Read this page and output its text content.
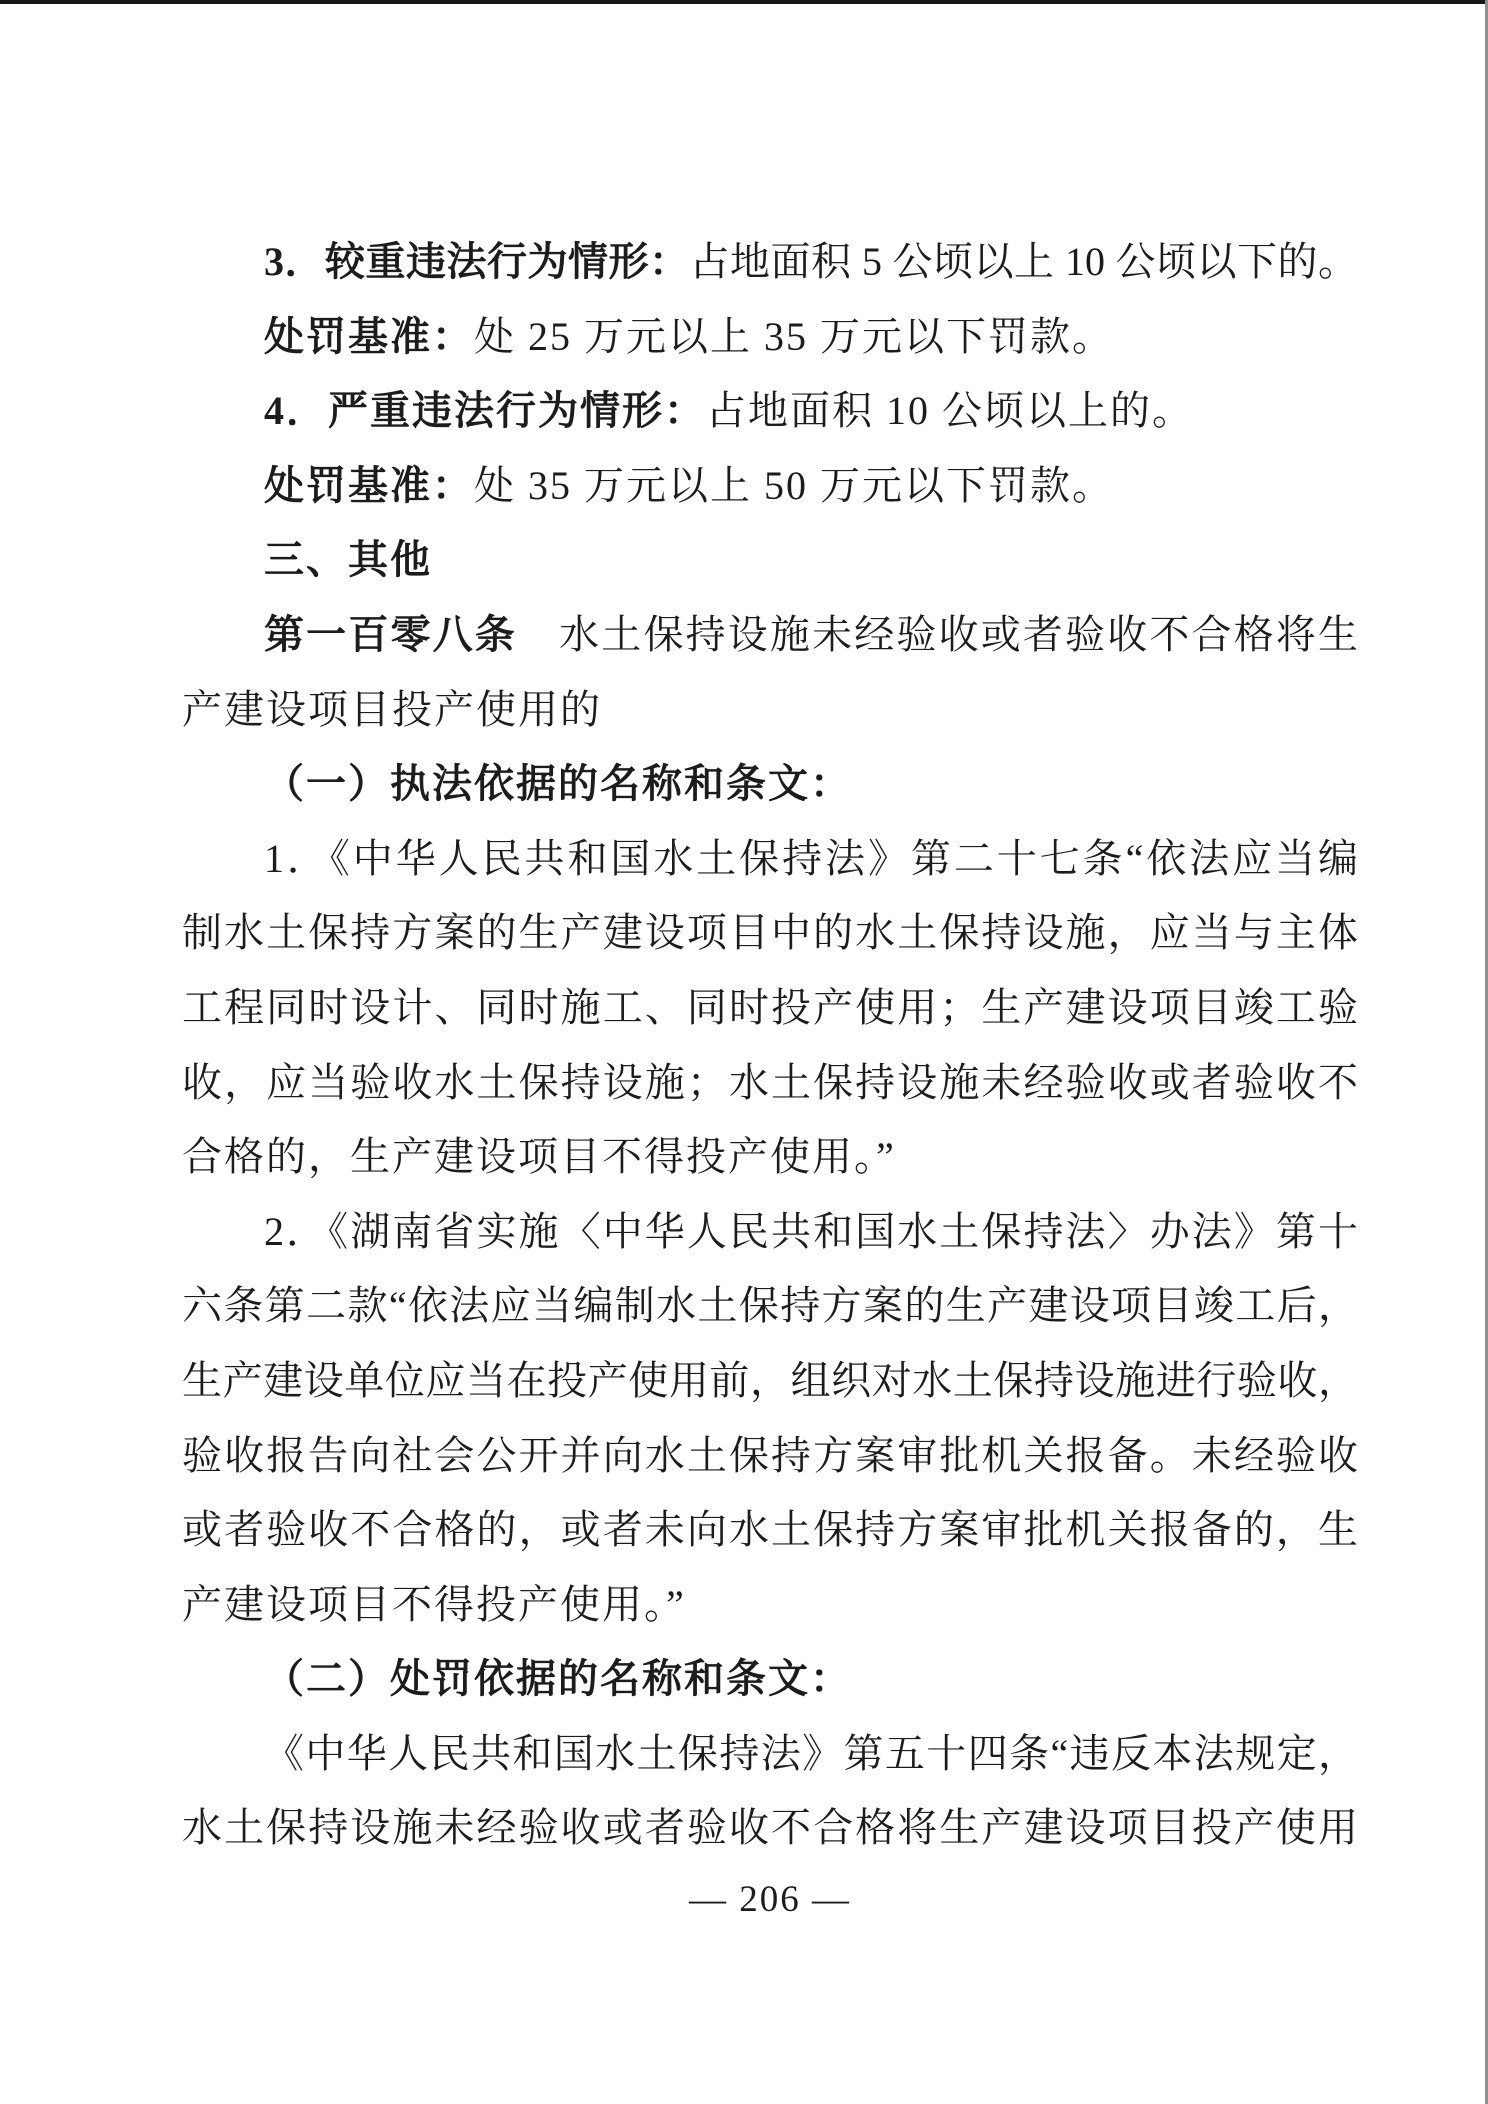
3．较重违法行为情形：占地面积 5 公顷以上 10 公顷以下的。
处罚基准：处 25 万元以上 35 万元以下罚款。
4．严重违法行为情形：占地面积 10 公顷以上的。
处罚基准：处 35 万元以上 50 万元以下罚款。
三、其他
第一百零八条　水土保持设施未经验收或者验收不合格将生
产建设项目投产使用的
（一）执法依据的名称和条文：
1．《中华人民共和国水土保持法》第二十七条“依法应当编
制水土保持方案的生产建设项目中的水土保持设施，应当与主体
工程同时设计、同时施工、同时投产使用；生产建设项目竣工验
收，应当验收水土保持设施；水土保持设施未经验收或者验收不
合格的，生产建设项目不得投产使用。”
2．《湖南省实施〈中华人民共和国水土保持法〉办法》第十
六条第二款“依法应当编制水土保持方案的生产建设项目竣工后，
生产建设单位应当在投产使用前，组织对水土保持设施进行验收，
验收报告向社会公开并向水土保持方案审批机关报备。未经验收
或者验收不合格的，或者未向水土保持方案审批机关报备的，生
产建设项目不得投产使用。”
（二）处罚依据的名称和条文：
《中华人民共和国水土保持法》第五十四条“违反本法规定，
水土保持设施未经验收或者验收不合格将生产建设项目投产使用
— 206 —
